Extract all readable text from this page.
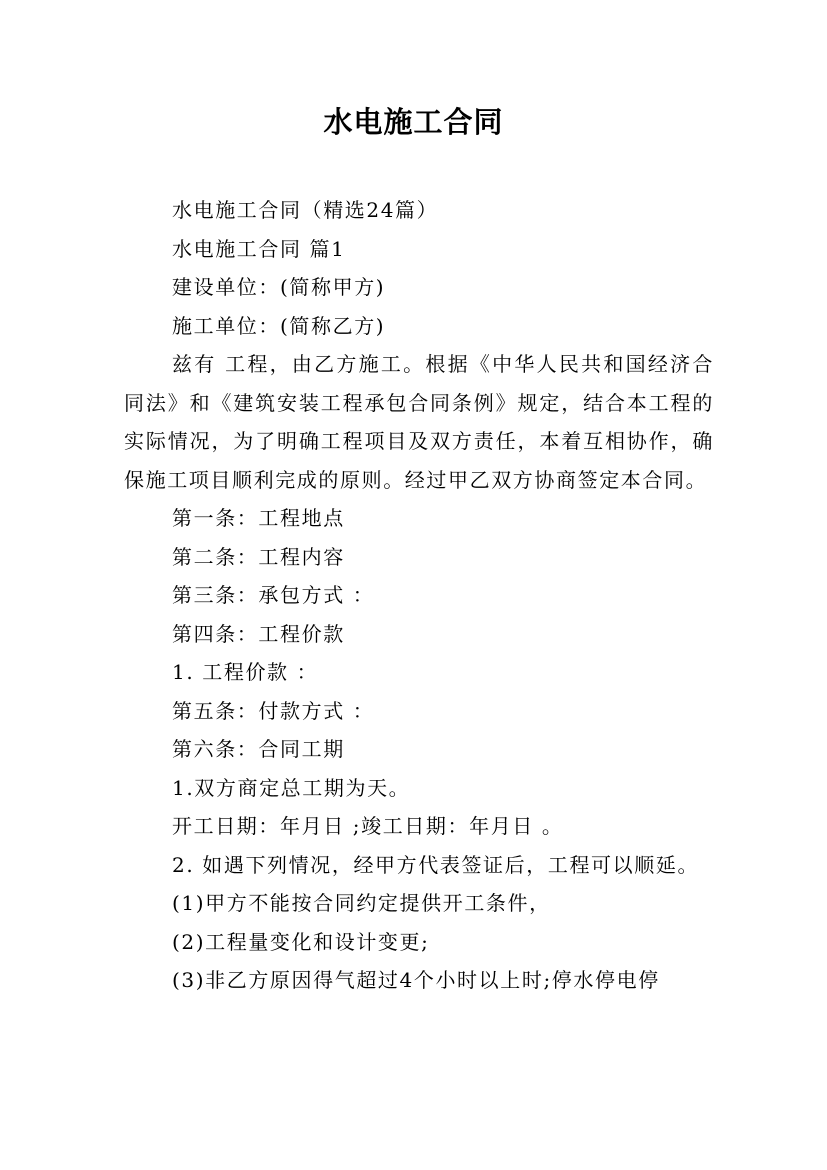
水电施工合同

水电施工合同（精选24篇）

水电施工合同 篇1

建设单位：(简称甲方)

施工单位：(简称乙方)

兹有 工程，由乙方施工。根据《中华人民共和国经济合同法》和《建筑安装工程承包合同条例》规定，结合本工程的实际情况，为了明确工程项目及双方责任，本着互相协作，确保施工项目顺利完成的原则。经过甲乙双方协商签定本合同。

第一条：工程地点

第二条：工程内容

第三条：承包方式 ：

第四条：工程价款

1. 工程价款 ：

第五条：付款方式 ：

第六条：合同工期

1.双方商定总工期为天。

开工日期：年月日 ;竣工日期：年月日 。

2. 如遇下列情况，经甲方代表签证后，工程可以顺延。

(1)甲方不能按合同约定提供开工条件，

(2)工程量变化和设计变更;

(3)非乙方原因得气超过4个小时以上时;停水停电停
